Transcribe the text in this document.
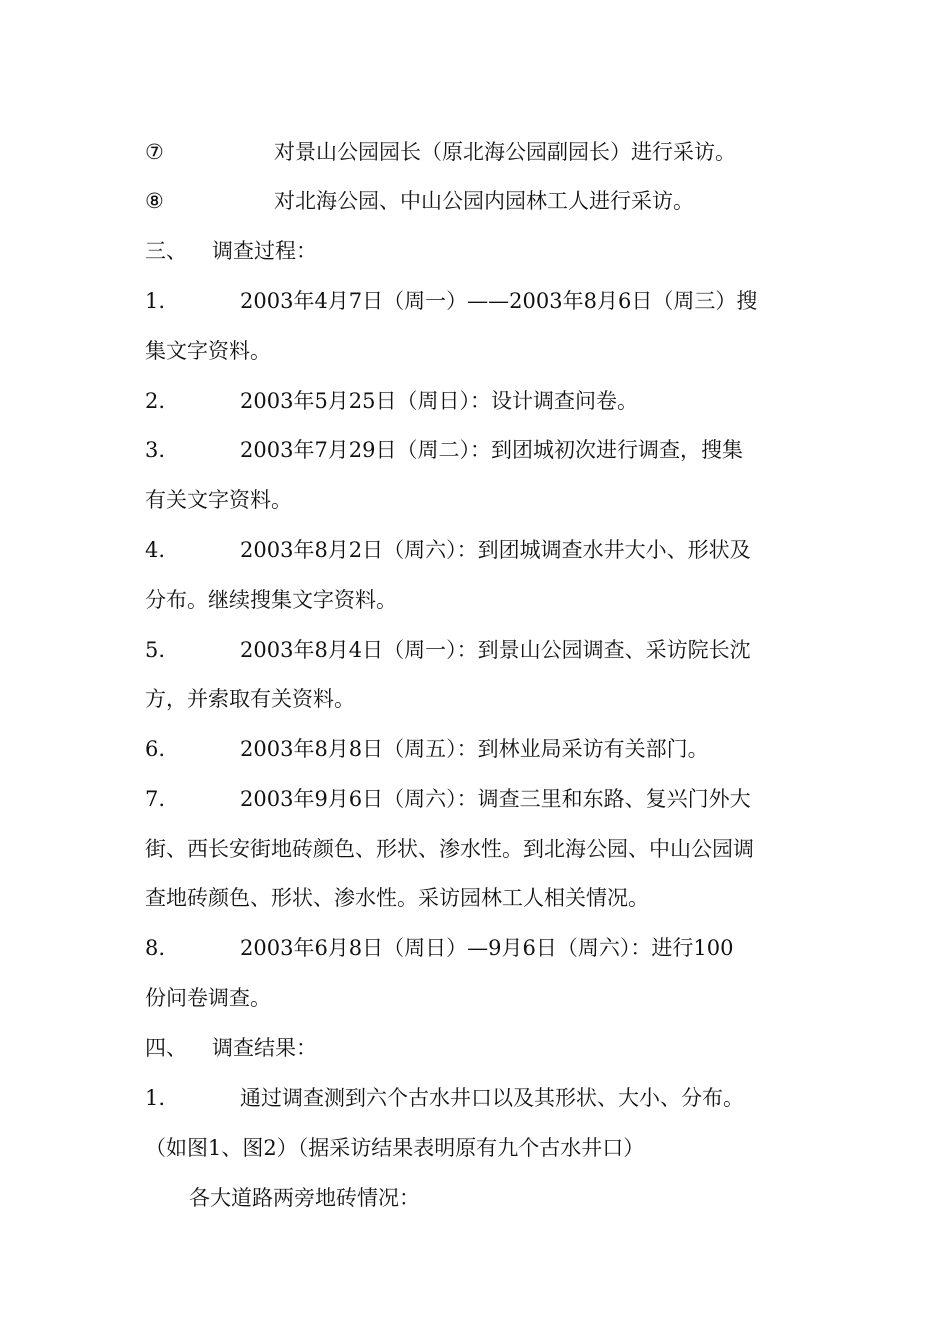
⑦	对景山公园园长（原北海公园副园长）进行采访。
⑧	对北海公园、中山公园内园林工人进行采访。
三、 调查过程：
1.	2003年4月7日（周一）——2003年8月6日（周三）搜
集文字资料。
2.	2003年5月25日（周日）：设计调查问卷。
3.	2003年7月29日（周二）：到团城初次进行调查，搜集
有关文字资料。
4.	2003年8月2日（周六）：到团城调查水井大小、形状及
分布。继续搜集文字资料。
5.	2003年8月4日（周一）：到景山公园调查、采访院长沈
方，并索取有关资料。
6.	2003年8月8日（周五）：到林业局采访有关部门。
7.	2003年9月6日（周六）：调查三里和东路、复兴门外大
街、西长安街地砖颜色、形状、渗水性。到北海公园、中山公园调
查地砖颜色、形状、渗水性。采访园林工人相关情况。
8.	2003年6月8日（周日）—9月6日（周六）：进行100
份问卷调查。
四、 调查结果：
1.	通过调查测到六个古水井口以及其形状、大小、分布。
（如图1、图2）（据采访结果表明原有九个古水井口）
各大道路两旁地砖情况：
